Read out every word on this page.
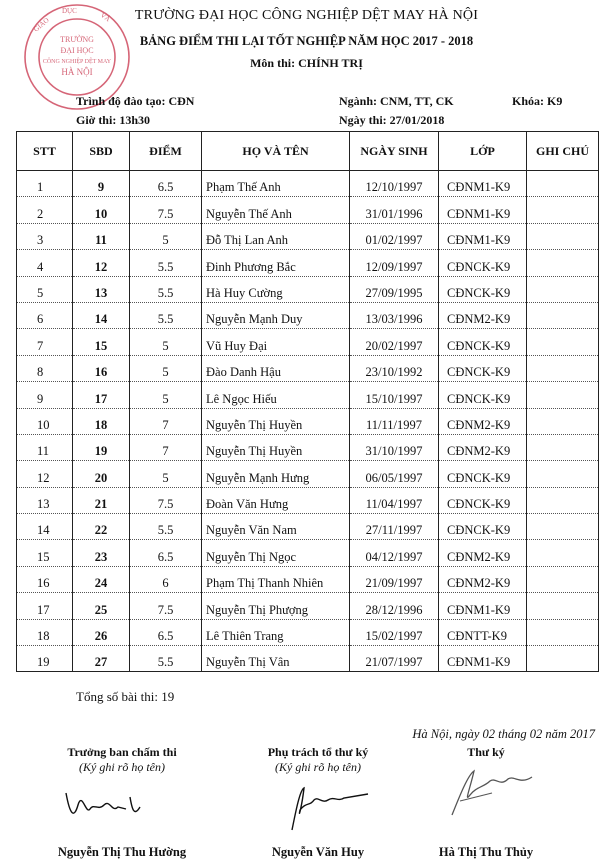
TRƯỜNG
ĐẠI HỌC
CÔNG NGHIỆP DỆT MAY
HÀ NỘI
GIÁO
DỤC
VÀ	TRƯỜNG ĐẠI HỌC CÔNG NGHIỆP DỆT MAY HÀ NỘI
BẢNG ĐIỂM THI LẠI TỐT NGHIỆP NĂM HỌC 2017 - 2018
Môn thi: CHÍNH TRỊ
Trình độ đào tạo: CĐN	Ngành: CNM, TT, CK	Khóa: K9
Giờ thi: 13h30	Ngày thi: 27/01/2018
STT	SBD	ĐIỂM	HỌ VÀ TÊN	NGÀY SINH	LỚP	GHI CHÚ
1	9	6.5	Phạm Thế Anh	12/10/1997	CĐNM1-K9	
2	10	7.5	Nguyễn Thế Anh	31/01/1996	CĐNM1-K9	
3	11	5	Đỗ Thị Lan Anh	01/02/1997	CĐNM1-K9	
4	12	5.5	Đinh Phương Bắc	12/09/1997	CĐNCK-K9	
5	13	5.5	Hà Huy Cường	27/09/1995	CĐNCK-K9	
6	14	5.5	Nguyễn Mạnh Duy	13/03/1996	CĐNM2-K9	
7	15	5	Vũ Huy Đại	20/02/1997	CĐNCK-K9	
8	16	5	Đào Danh Hậu	23/10/1992	CĐNCK-K9	
9	17	5	Lê Ngọc Hiếu	15/10/1997	CĐNCK-K9	
10	18	7	Nguyễn Thị Huyền	11/11/1997	CĐNM2-K9	
11	19	7	Nguyễn Thị Huyền	31/10/1997	CĐNM2-K9	
12	20	5	Nguyễn Mạnh Hưng	06/05/1997	CĐNCK-K9	
13	21	7.5	Đoàn Văn Hưng	11/04/1997	CĐNCK-K9	
14	22	5.5	Nguyễn Văn Nam	27/11/1997	CĐNCK-K9	
15	23	6.5	Nguyễn Thị Ngọc	04/12/1997	CĐNM2-K9	
16	24	6	Phạm Thị Thanh Nhiên	21/09/1997	CĐNM2-K9	
17	25	7.5	Nguyễn Thị Phượng	28/12/1996	CĐNM1-K9	
18	26	6.5	Lê Thiên Trang	15/02/1997	CĐNTT-K9	
19	27	5.5	Nguyễn Thị Vân	21/07/1997	CĐNM1-K9	
Tổng số bài thi: 19
Hà Nội, ngày 02 tháng 02 năm 2017
Trưởng ban chấm thi
(Ký ghi rõ họ tên)
Nguyễn Thị Thu Hường
Phụ trách tổ thư ký
(Ký ghi rõ họ tên)
Nguyễn Văn Huy
Thư ký
Hà Thị Thu Thủy
